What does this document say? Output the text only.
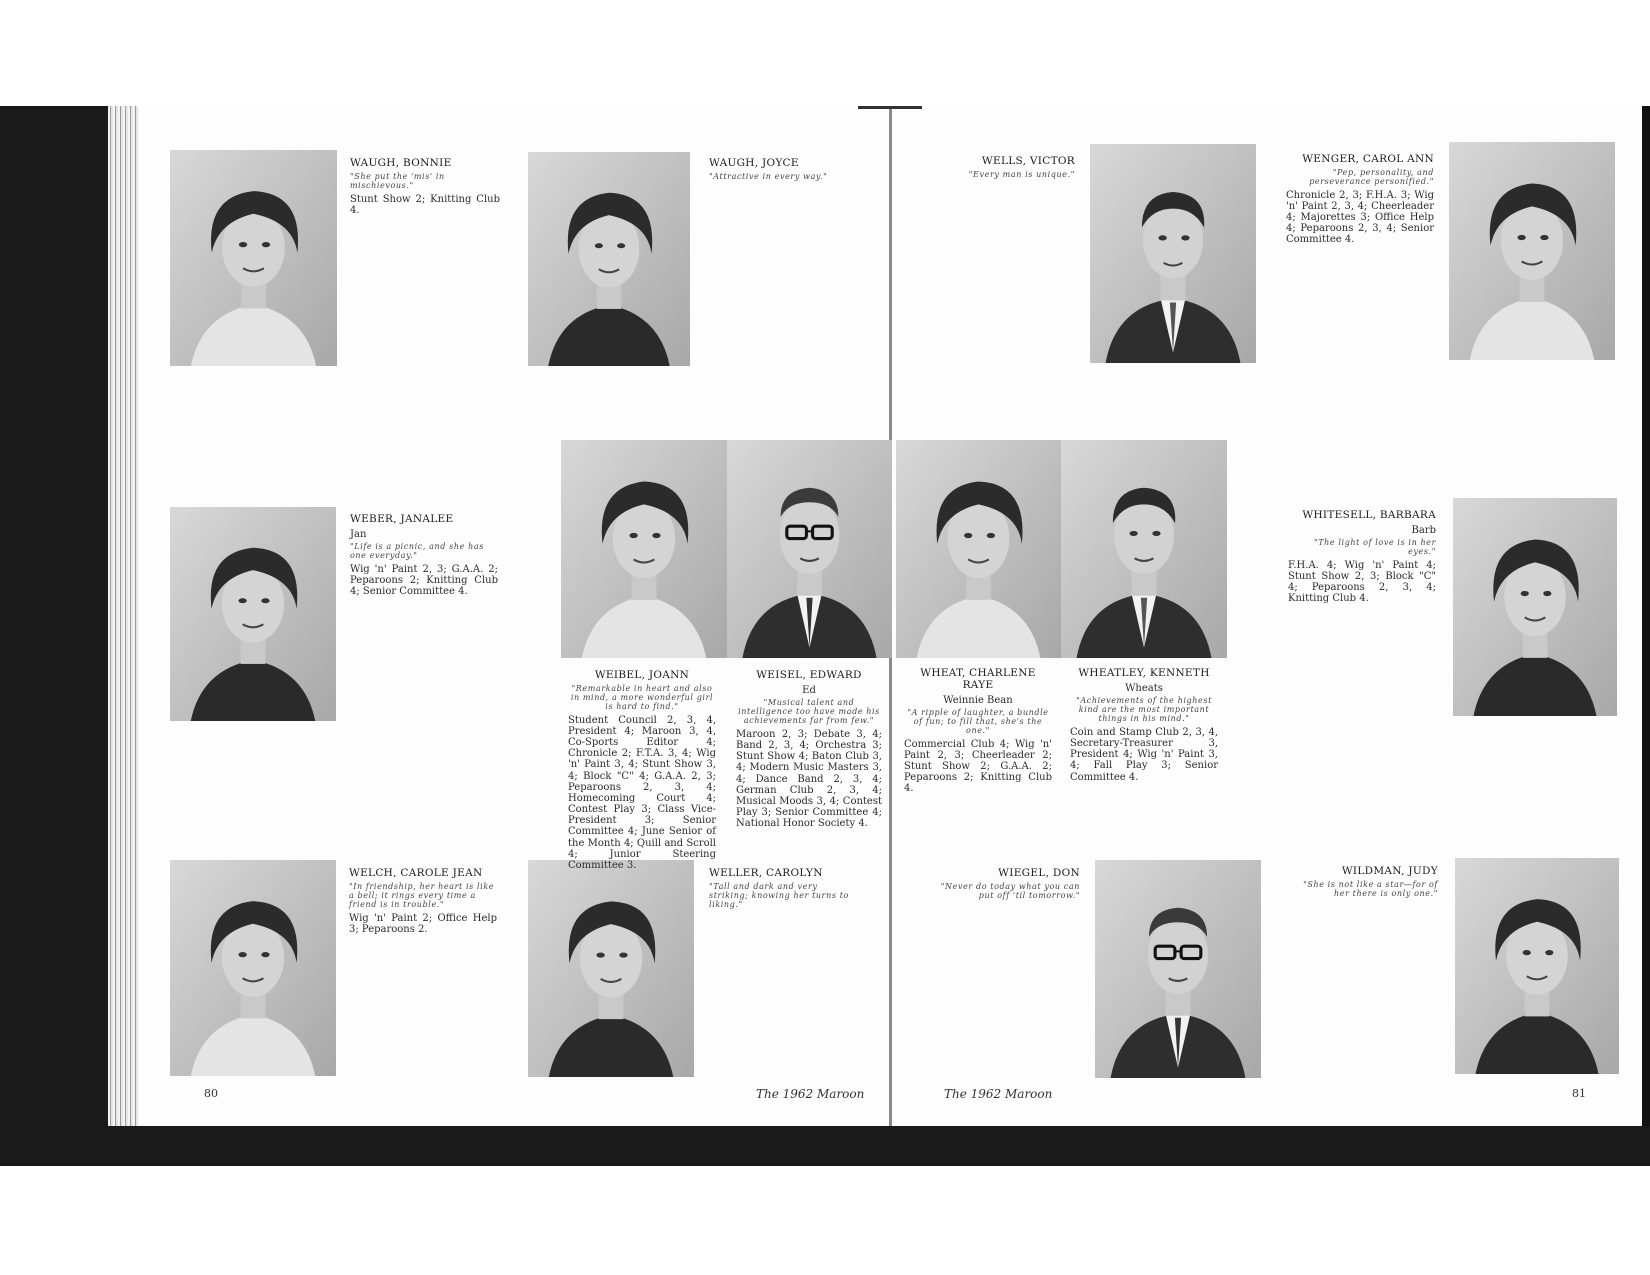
WAUGH, BONNIE
"She put the 'mis' in mischievous."
Stunt Show 2; Knitting Club 4.
WAUGH, JOYCE
"Attractive in every way."
WEBER, JANALEE
Jan
"Life is a picnic, and she has one everyday."
Wig 'n' Paint 2, 3; G.A.A. 2; Peparoons 2; Knitting Club 4; Senior Committee 4.
WEIBEL, JOANN
"Remarkable in heart and also in mind, a more wonderful girl is hard to find."
Student Council 2, 3, 4, President 4; Maroon 3, 4, Co-Sports Editor 4; Chronicle 2; F.T.A. 3, 4; Wig 'n' Paint 3, 4; Stunt Show 3, 4; Block "C" 4; G.A.A. 2, 3; Peparoons 2, 3, 4; Homecoming Court 4; Contest Play 3; Class Vice-President 3; Senior Committee 4; June Senior of the Month 4; Quill and Scroll 4; Junior Steering Committee 3.
WEISEL, EDWARD
Ed
"Musical talent and intelligence too have made his achievements far from few."
Maroon 2, 3; Debate 3, 4; Band 2, 3, 4; Orchestra 3; Stunt Show 4; Baton Club 3, 4; Modern Music Masters 3, 4; Dance Band 2, 3, 4; German Club 2, 3, 4; Musical Moods 3, 4; Contest Play 3; Senior Committee 4; National Honor Society 4.
WELCH, CAROLE JEAN
"In friendship, her heart is like a bell; it rings every time a friend is in trouble."
Wig 'n' Paint 2; Office Help 3; Peparoons 2.
WELLER, CAROLYN
"Tall and dark and very striking; knowing her turns to liking."
WELLS, VICTOR
"Every man is unique."
WENGER, CAROL ANN
"Pep, personality, and perseverance personified."
Chronicle 2, 3; F.H.A. 3; Wig 'n' Paint 2, 3, 4; Cheerleader 4; Majorettes 3; Office Help 4; Peparoons 2, 3, 4; Senior Committee 4.
WHEAT, CHARLENE RAYE
Weinnie Bean
"A ripple of laughter, a bundle of fun; to fill that, she's the one."
Commercial Club 4; Wig 'n' Paint 2, 3; Cheerleader 2; Stunt Show 2; G.A.A. 2; Peparoons 2; Knitting Club 4.
WHEATLEY, KENNETH
Wheats
"Achievements of the highest kind are the most important things in his mind."
Coin and Stamp Club 2, 3, 4, Secretary-Treasurer 3, President 4; Wig 'n' Paint 3, 4; Fall Play 3; Senior Committee 4.
WHITESELL, BARBARA
Barb
"The light of love is in her eyes."
F.H.A. 4; Wig 'n' Paint 4; Stunt Show 2, 3; Block "C" 4; Peparoons 2, 3, 4; Knitting Club 4.
WIEGEL, DON
"Never do today what you can put off 'til tomorrow."
WILDMAN, JUDY
"She is not like a star—for of her there is only one."
80	The 1962 Maroon	The 1962 Maroon	81
